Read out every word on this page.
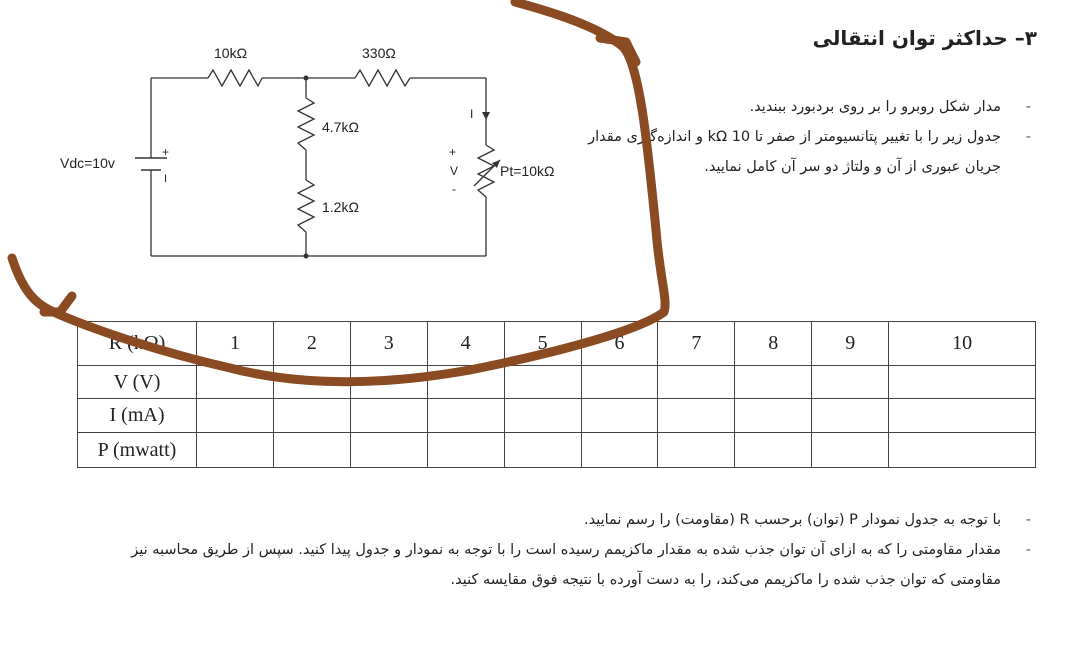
10kΩ	330Ω
4.7kΩ
1.2kΩ
Vdc=10v
+
I
I
+
V
-
Pt=10kΩ
۳– حداکثر توان انتقالی

-
مدار شکل روبرو را بر روی بردبورد ببندید.

-
جدول زیر را با تغییر پتانسیومتر از صفر تا 10 kΩ و اندازه‌گیری مقدار جریان عبوری از آن و ولتاژ دو سر آن کامل نمایید.

R (kΩ)	1	2	3	4	5	6	7	8	9	10
V (V)										
I (mA)										
P (mwatt)										

-
با توجه به جدول نمودار P (توان) برحسب R (مقاومت) را رسم نمایید.

-
مقدار مقاومتی را که به ازای آن توان جذب شده به مقدار ماکزیمم رسیده است را با توجه به نمودار و جدول پیدا کنید. سپس از طریق محاسبه نیز مقاومتی که توان جذب شده را ماکزیمم می‌کند، را به دست آورده با نتیجه فوق مقایسه کنید.
